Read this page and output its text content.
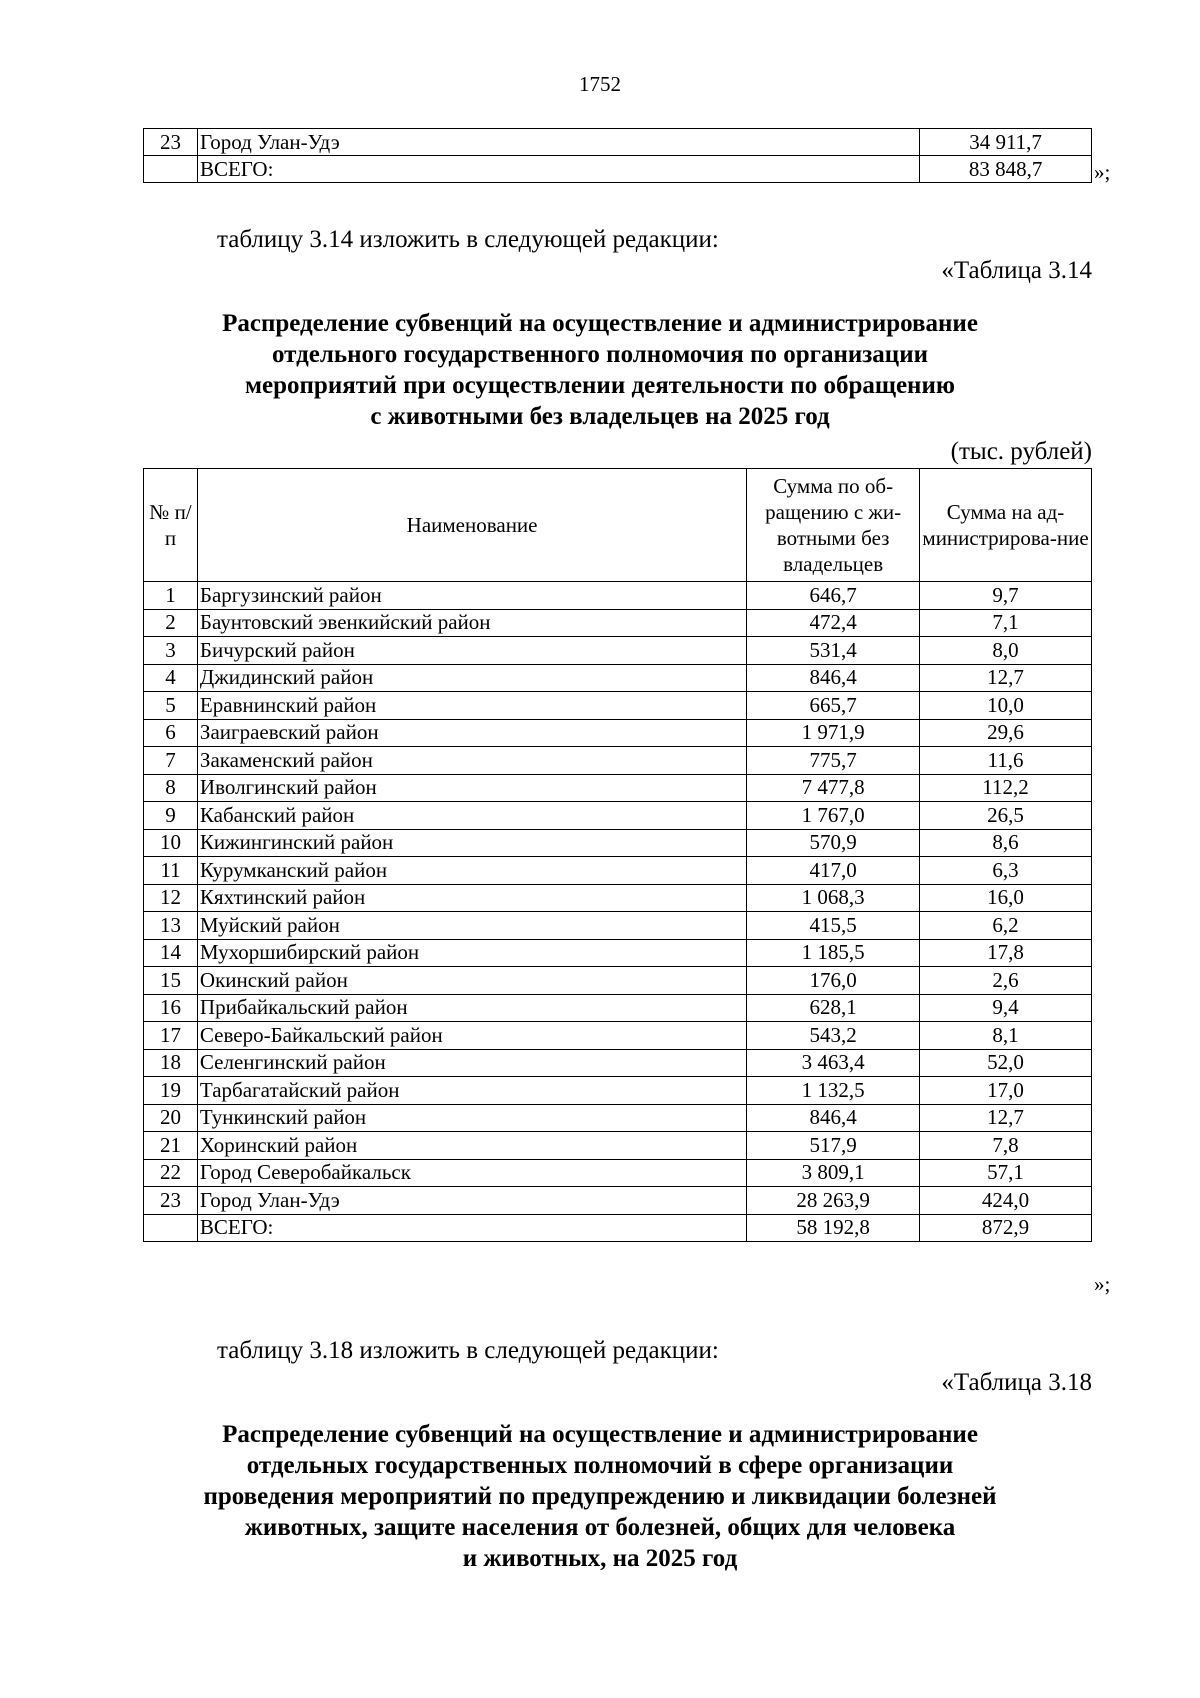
1752
23	Город Улан-Удэ	34 911,7
	ВСЕГО:	83 848,7 »;
таблицу 3.14 изложить в следующей редакции:
«Таблица 3.14
Распределение субвенций на осуществление и администрирование
отдельного государственного полномочия по организации
мероприятий при осуществлении деятельности по обращению
с животными без владельцев на 2025 год
(тыс. рублей)
№ п/п	Наименование	Сумма по об-ращению с жи-вотными без владельцев	Сумма на ад-министрирова-ние
1	Баргузинский район	646,7	9,7
2	Баунтовский эвенкийский район	472,4	7,1
3	Бичурский район	531,4	8,0
4	Джидинский район	846,4	12,7
5	Еравнинский район	665,7	10,0
6	Заиграевский район	1 971,9	29,6
7	Закаменский район	775,7	11,6
8	Иволгинский район	7 477,8	112,2
9	Кабанский район	1 767,0	26,5
10	Кижингинский район	570,9	8,6
11	Курумканский район	417,0	6,3
12	Кяхтинский район	1 068,3	16,0
13	Муйский район	415,5	6,2
14	Мухоршибирский район	1 185,5	17,8
15	Окинский район	176,0	2,6
16	Прибайкальский район	628,1	9,4
17	Северо-Байкальский район	543,2	8,1
18	Селенгинский район	3 463,4	52,0
19	Тарбагатайский район	1 132,5	17,0
20	Тункинский район	846,4	12,7
21	Хоринский район	517,9	7,8
22	Город Северобайкальск	3 809,1	57,1
23	Город Улан-Удэ	28 263,9	424,0
	ВСЕГО:	58 192,8	872,9
»;
таблицу 3.18 изложить в следующей редакции:
«Таблица 3.18
Распределение субвенций на осуществление и администрирование
отдельных государственных полномочий в сфере организации
проведения мероприятий по предупреждению и ликвидации болезней
животных, защите населения от болезней, общих для человека
и животных, на 2025 год
